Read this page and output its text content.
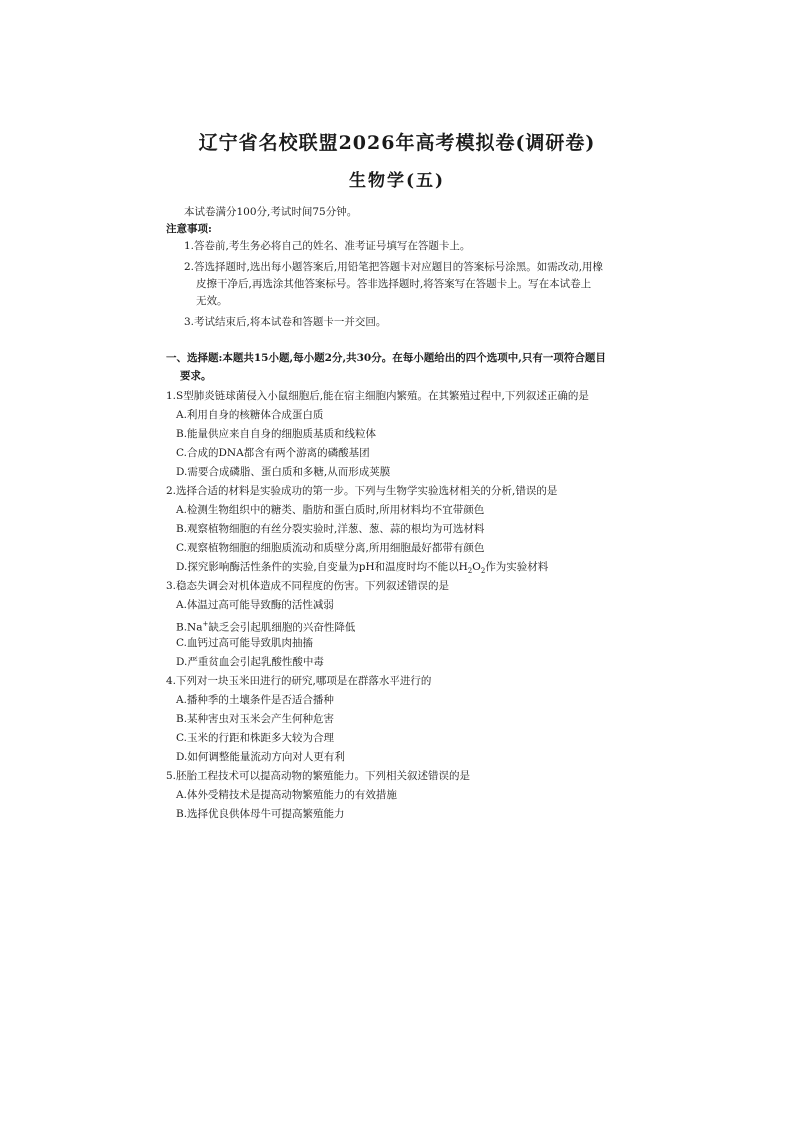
辽宁省名校联盟2026年高考模拟卷(调研卷)
生物学(五)
本试卷满分100分,考试时间75分钟。
注意事项:
1.答卷前,考生务必将自己的姓名、准考证号填写在答题卡上。
2.答选择题时,选出每小题答案后,用铅笔把答题卡对应题目的答案标号涂黑。如需改动,用橡
皮擦干净后,再选涂其他答案标号。答非选择题时,将答案写在答题卡上。写在本试卷上
无效。
3.考试结束后,将本试卷和答题卡一并交回。
一、选择题:本题共15小题,每小题2分,共30分。在每小题给出的四个选项中,只有一项符合题目
要求。
1.S型肺炎链球菌侵入小鼠细胞后,能在宿主细胞内繁殖。在其繁殖过程中,下列叙述正确的是
A.利用自身的核糖体合成蛋白质
B.能量供应来自自身的细胞质基质和线粒体
C.合成的DNA都含有两个游离的磷酸基团
D.需要合成磷脂、蛋白质和多糖,从而形成荚膜
2.选择合适的材料是实验成功的第一步。下列与生物学实验选材相关的分析,错误的是
A.检测生物组织中的糖类、脂肪和蛋白质时,所用材料均不宜带颜色
B.观察植物细胞的有丝分裂实验时,洋葱、葱、蒜的根均为可选材料
C.观察植物细胞的细胞质流动和质壁分离,所用细胞最好都带有颜色
D.探究影响酶活性条件的实验,自变量为pH和温度时均不能以$H_2O_2$作为实验材料
3.稳态失调会对机体造成不同程度的伤害。下列叙述错误的是
A.体温过高可能导致酶的活性减弱
B.Na+缺乏会引起肌细胞的兴奋性降低
C.血钙过高可能导致肌肉抽搐
D.严重贫血会引起乳酸性酸中毒
4.下列对一块玉米田进行的研究,哪项是在群落水平进行的
A.播种季的土壤条件是否适合播种
B.某种害虫对玉米会产生何种危害
C.玉米的行距和株距多大较为合理
D.如何调整能量流动方向对人更有利
5.胚胎工程技术可以提高动物的繁殖能力。下列相关叙述错误的是
A.体外受精技术是提高动物繁殖能力的有效措施
B.选择优良供体母牛可提高繁殖能力
